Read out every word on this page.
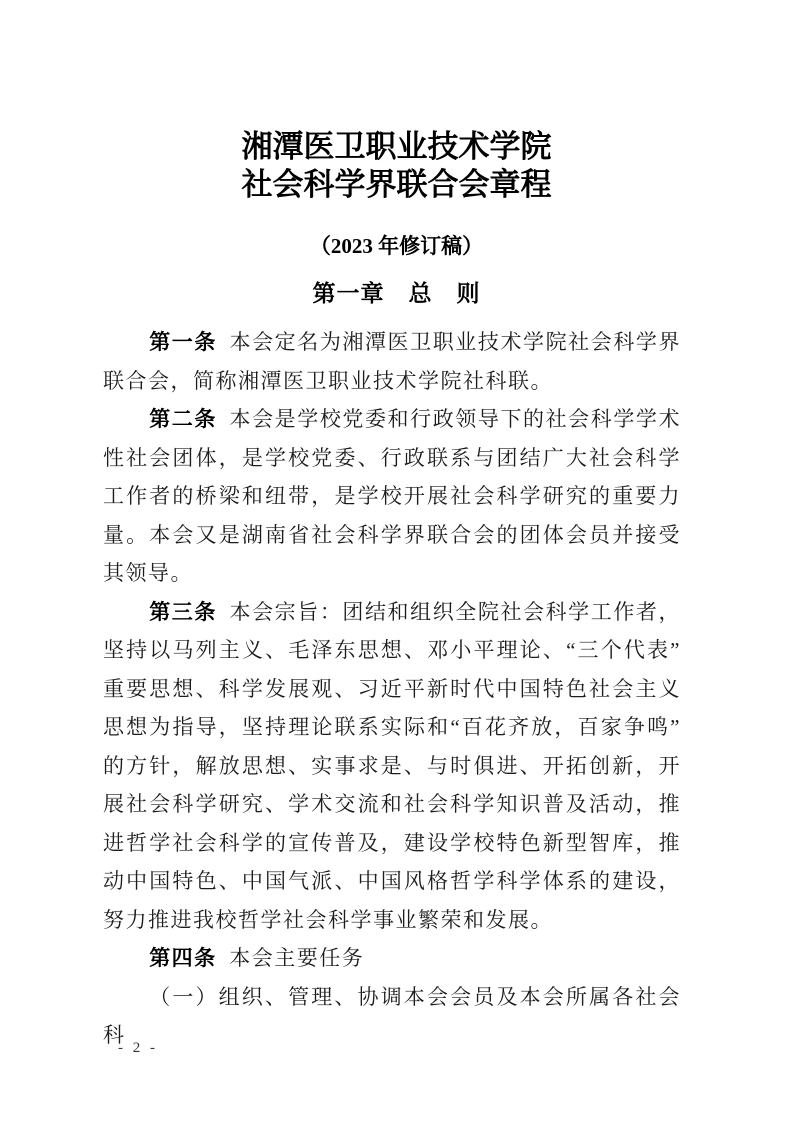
湘潭医卫职业技术学院
社会科学界联合会章程
（2023 年修订稿）
第一章　总　则

第一条 本会定名为湘潭医卫职业技术学院社会科学界联合会，简称湘潭医卫职业技术学院社科联。

第二条 本会是学校党委和行政领导下的社会科学学术性社会团体，是学校党委、行政联系与团结广大社会科学工作者的桥梁和纽带，是学校开展社会科学研究的重要力量。本会又是湖南省社会科学界联合会的团体会员并接受其领导。

第三条 本会宗旨：团结和组织全院社会科学工作者，坚持以马列主义、毛泽东思想、邓小平理论、“三个代表”重要思想、科学发展观、习近平新时代中国特色社会主义思想为指导，坚持理论联系实际和“百花齐放，百家争鸣”的方针，解放思想、实事求是、与时俱进、开拓创新，开展社会科学研究、学术交流和社会科学知识普及活动，推进哲学社会科学的宣传普及，建设学校特色新型智库，推动中国特色、中国气派、中国风格哲学科学体系的建设，努力推进我校哲学社会科学事业繁荣和发展。

第四条 本会主要任务

（一）组织、管理、协调本会会员及本会所属各社会科

- 2 -
